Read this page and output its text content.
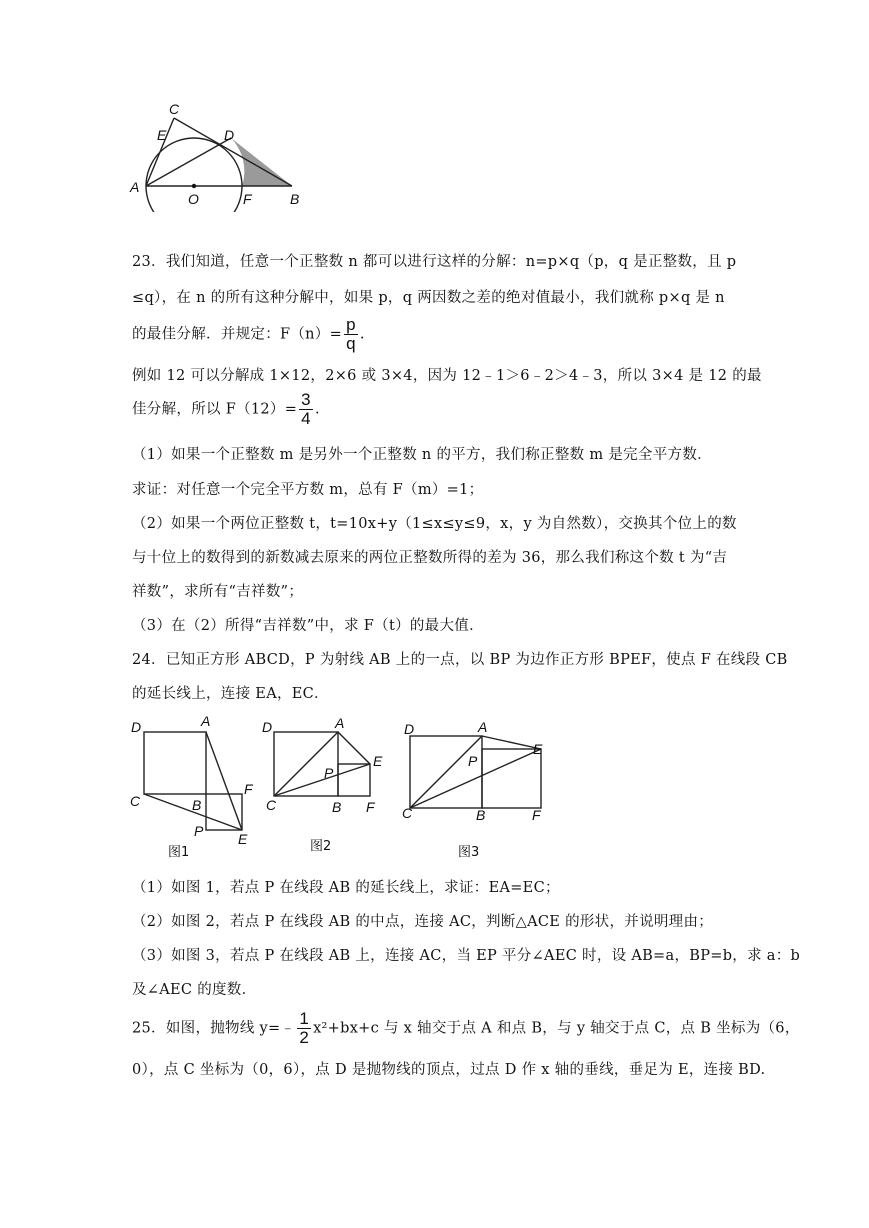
C
E	D
A
O	F	B
23．我们知道，任意一个正整数 n 都可以进行这样的分解：n=p×q（p，q 是正整数，且 p
≤q），在 n 的所有这种分解中，如果 p，q 两因数之差的绝对值最小，我们就称 p×q 是 n
的最佳分解．并规定：$F(n)= \frac{p}{q}$ .
例如 12 可以分解成 1×12，2×6 或 3×4，因为 12﹣1＞6﹣2＞4﹣3，所以 3×4 是 12 的最
佳分解，所以 $F(12)= \frac{3}{4}$ .
（1）如果一个正整数 m 是另外一个正整数 n 的平方，我们称正整数 m 是完全平方数．
求证：对任意一个完全平方数 m，总有 F（m）=1；
（2）如果一个两位正整数 t，t=10x+y（1≤x≤y≤9，x，y 为自然数），交换其个位上的数
与十位上的数得到的新数减去原来的两位正整数所得的差为 36，那么我们称这个数 t 为“吉
祥数”，求所有“吉祥数”；
（3）在（2）所得“吉祥数”中，求 F（t）的最大值．
24．已知正方形 ABCD，P 为射线 AB 上的一点，以 BP 为边作正方形 BPEF，使点 F 在线段 CB
的延长线上，连接 EA，EC．
D	A
C	B
F
P E
图1
D	A
P
E
C	B F
图2
D	A
P
E
C	B	F
图3
（1）如图 1，若点 P 在线段 AB 的延长线上，求证：EA=EC；
（2）如图 2，若点 P 在线段 AB 的中点，连接 AC，判断△ACE 的形状，并说明理由；
（3）如图 3，若点 P 在线段 AB 上，连接 AC，当 EP 平分∠AEC 时，设 AB=a，BP=b，求 a：b
及∠AEC 的度数．
25．如图，抛物线 y=﹣ $\frac{1}{2} x^2+bx+c$ 与 x 轴交于点 A 和点 B，与 y 轴交于点 C，点 B 坐标为（6，
0），点 C 坐标为（0，6），点 D 是抛物线的顶点，过点 D 作 x 轴的垂线，垂足为 E，连接 BD.
